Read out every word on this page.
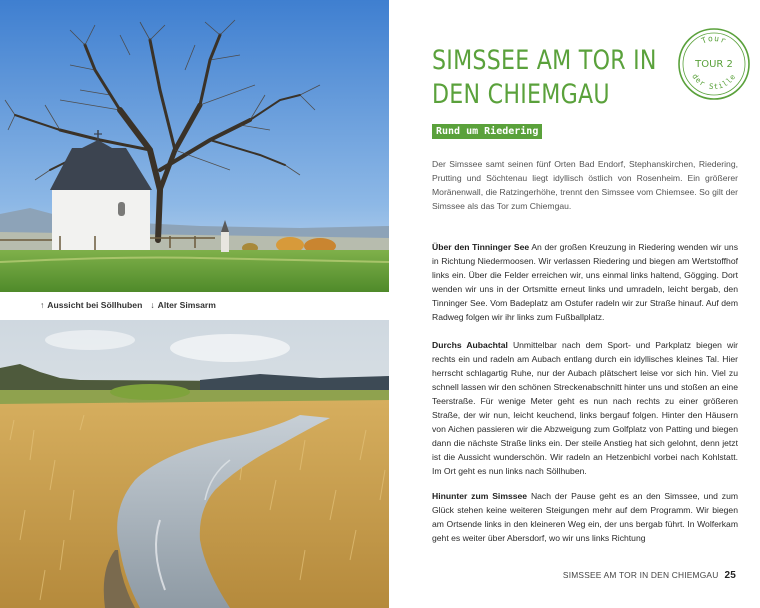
↑ Aussicht bei Söllhuben ↓ Alter Simsarm
SIMSSEE AM TOR IN
DEN CHIEMGAU
Tour
TOUR 2
der Stille
Rund um Riedering

Der Simssee samt seinen fünf Orten Bad Endorf, Stephanskirchen, Riedering, Prutting und Söchtenau liegt idyllisch östlich von Rosenheim. Ein größerer Moränenwall, die Ratzingerhöhe, trennt den Simssee vom Chiemsee. So gilt der Simssee als das Tor zum Chiemgau.

Über den Tinninger See An der großen Kreuzung in Riedering wenden wir uns in Richtung Niedermoosen. Wir verlassen Riedering und biegen am Wertstoffhof links ein. Über die Felder erreichen wir, uns einmal links haltend, Gögging. Dort wenden wir uns in der Ortsmitte erneut links und umradeln, leicht bergab, den Tinninger See. Vom Badeplatz am Ostufer radeln wir zur Straße hinauf. Auf dem Radweg folgen wir ihr links zum Fußballplatz.

Durchs Aubachtal Unmittelbar nach dem Sport- und Parkplatz biegen wir rechts ein und radeln am Aubach entlang durch ein idyllisches kleines Tal. Hier herrscht schlagartig Ruhe, nur der Aubach plätschert leise vor sich hin. Viel zu schnell lassen wir den schönen Streckenabschnitt hinter uns und stoßen an eine Teerstraße. Für wenige Meter geht es nun nach rechts zu einer größeren Straße, der wir nun, leicht keuchend, links bergauf folgen. Hinter den Häusern von Aichen passieren wir die Abzweigung zum Golfplatz von Patting und biegen dann die nächste Straße links ein. Der steile Anstieg hat sich gelohnt, denn jetzt ist die Aussicht wunderschön. Wir radeln an Hetzenbichl vorbei nach Kohlstatt. Im Ort geht es nun links nach Söllhuben.

Hinunter zum Simssee Nach der Pause geht es an den Simssee, und zum Glück stehen keine weiteren Steigungen mehr auf dem Programm. Wir biegen am Ortsende links in den kleineren Weg ein, der uns bergab führt. In Wolferkam geht es weiter über Abersdorf, wo wir uns links Richtung

SIMSSEE AM TOR IN DEN CHIEMGAU 25
